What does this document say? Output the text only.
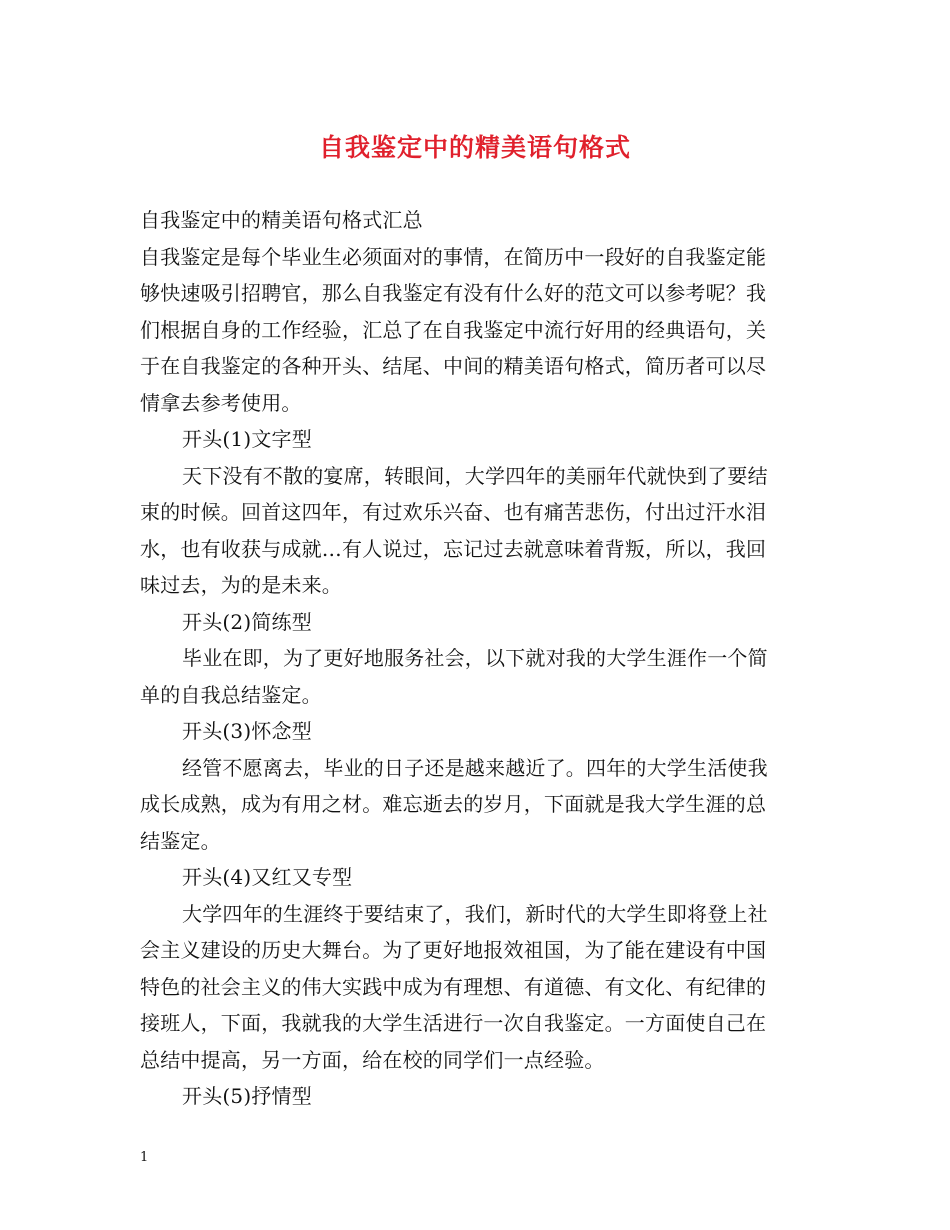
自我鉴定中的精美语句格式
自我鉴定中的精美语句格式汇总
自我鉴定是每个毕业生必须面对的事情，在简历中一段好的自我鉴定能
够快速吸引招聘官，那么自我鉴定有没有什么好的范文可以参考呢？我
们根据自身的工作经验，汇总了在自我鉴定中流行好用的经典语句，关
于在自我鉴定的各种开头、结尾、中间的精美语句格式，简历者可以尽
情拿去参考使用。
开头(1)文字型
天下没有不散的宴席，转眼间，大学四年的美丽年代就快到了要结
束的时候。回首这四年，有过欢乐兴奋、也有痛苦悲伤，付出过汗水泪
水，也有收获与成就…有人说过，忘记过去就意味着背叛，所以，我回
味过去，为的是未来。
开头(2)简练型
毕业在即，为了更好地服务社会，以下就对我的大学生涯作一个简
单的自我总结鉴定。
开头(3)怀念型
经管不愿离去，毕业的日子还是越来越近了。四年的大学生活使我
成长成熟，成为有用之材。难忘逝去的岁月，下面就是我大学生涯的总
结鉴定。
开头(4)又红又专型
大学四年的生涯终于要结束了，我们，新时代的大学生即将登上社
会主义建设的历史大舞台。为了更好地报效祖国，为了能在建设有中国
特色的社会主义的伟大实践中成为有理想、有道德、有文化、有纪律的
接班人，下面，我就我的大学生活进行一次自我鉴定。一方面使自己在
总结中提高，另一方面，给在校的同学们一点经验。
开头(5)抒情型
1
